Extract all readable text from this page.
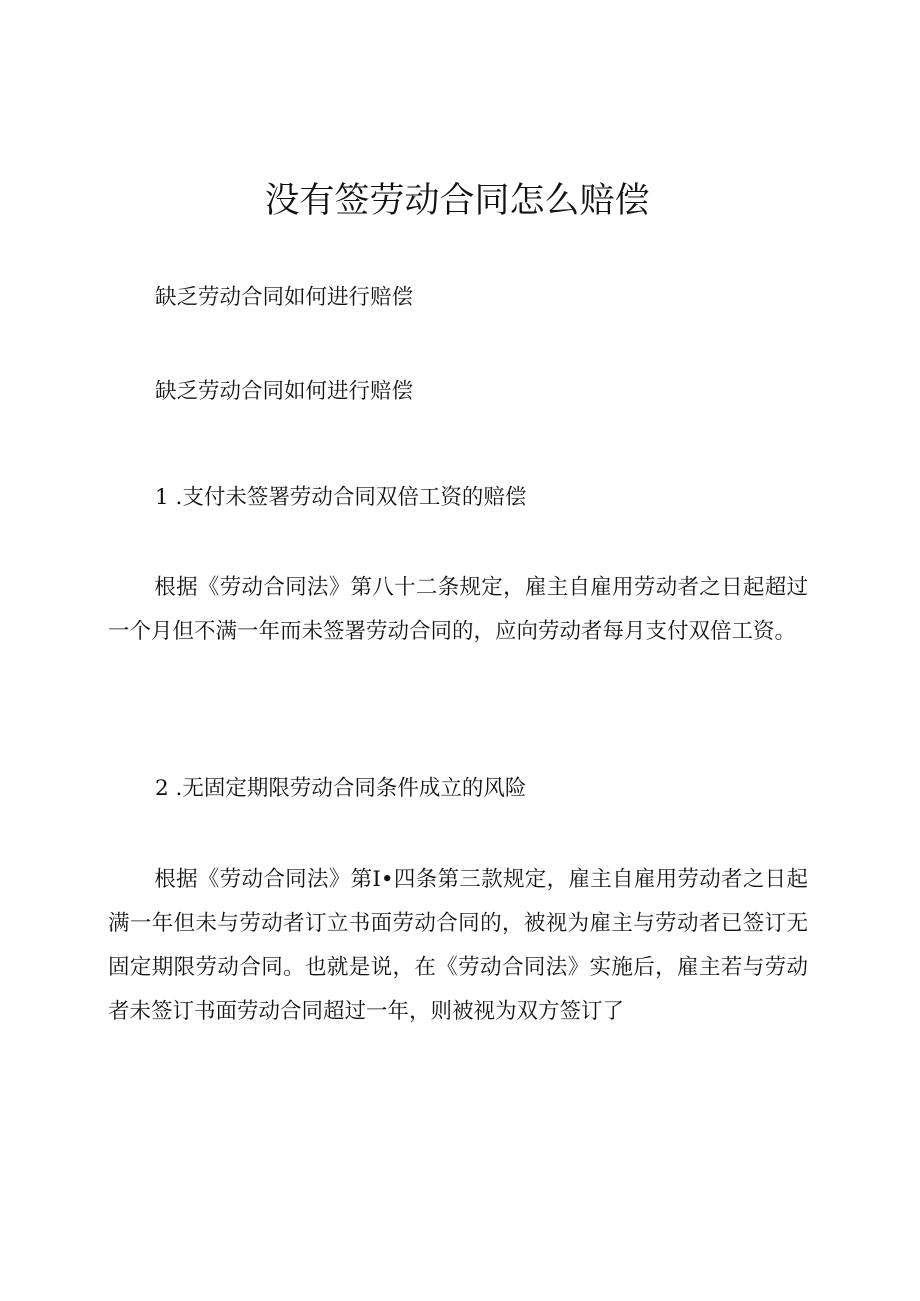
没有签劳动合同怎么赔偿

缺乏劳动合同如何进行赔偿

缺乏劳动合同如何进行赔偿

1 .支付未签署劳动合同双倍工资的赔偿

根据《劳动合同法》第八十二条规定，雇主自雇用劳动者之日起超过一个月但不满一年而未签署劳动合同的，应向劳动者每月支付双倍工资。

2 .无固定期限劳动合同条件成立的风险

根据《劳动合同法》第I•四条第三款规定，雇主自雇用劳动者之日起满一年但未与劳动者订立书面劳动合同的，被视为雇主与劳动者已签订无固定期限劳动合同。也就是说，在《劳动合同法》实施后，雇主若与劳动者未签订书面劳动合同超过一年，则被视为双方签订了
